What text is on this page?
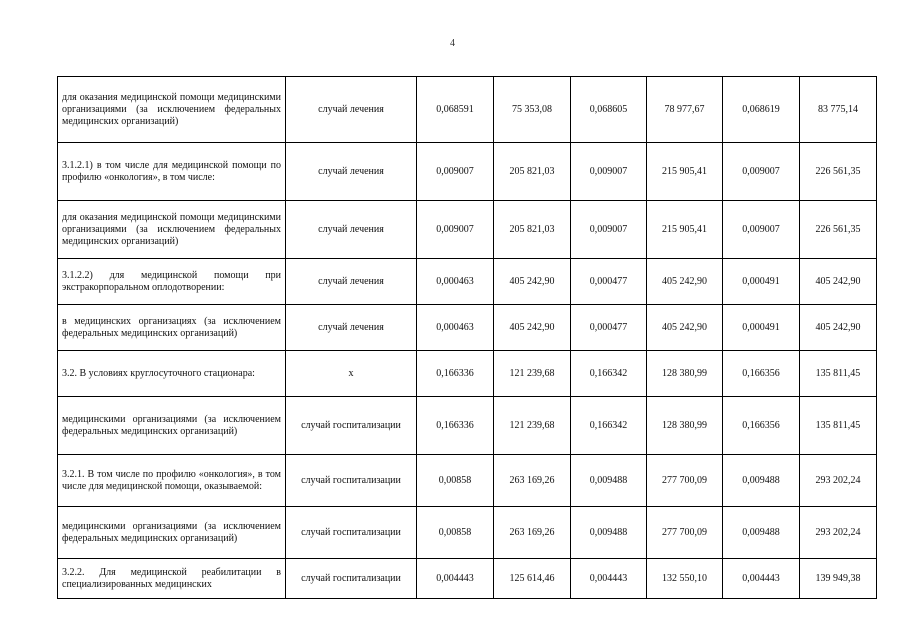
4
для оказания медицинской помощи медицинскими организациями (за исключением федеральных медицинских организаций)	случай лечения	0,068591	75 353,08	0,068605	78 977,67	0,068619	83 775,14
3.1.2.1) в том числе для медицинской помощи по профилю «онкология», в том числе:	случай лечения	0,009007	205 821,03	0,009007	215 905,41	0,009007	226 561,35
для оказания медицинской помощи медицинскими организациями (за исключением федеральных медицинских организаций)	случай лечения	0,009007	205 821,03	0,009007	215 905,41	0,009007	226 561,35
3.1.2.2) для медицинской помощи при экстракорпоральном оплодотворении:	случай лечения	0,000463	405 242,90	0,000477	405 242,90	0,000491	405 242,90
в медицинских организациях (за исключением федеральных медицинских организаций)	случай лечения	0,000463	405 242,90	0,000477	405 242,90	0,000491	405 242,90
3.2. В условиях круглосуточного стационара:	х	0,166336	121 239,68	0,166342	128 380,99	0,166356	135 811,45
медицинскими организациями (за исключением федеральных медицинских организаций)	случай госпитализации	0,166336	121 239,68	0,166342	128 380,99	0,166356	135 811,45
3.2.1. В том числе по профилю «онкология», в том числе для медицинской помощи, оказываемой:	случай госпитализации	0,00858	263 169,26	0,009488	277 700,09	0,009488	293 202,24
медицинскими организациями (за исключением федеральных медицинских организаций)	случай госпитализации	0,00858	263 169,26	0,009488	277 700,09	0,009488	293 202,24
3.2.2. Для медицинской реабилитации в специализированных медицинских	случай госпитализации	0,004443	125 614,46	0,004443	132 550,10	0,004443	139 949,38
